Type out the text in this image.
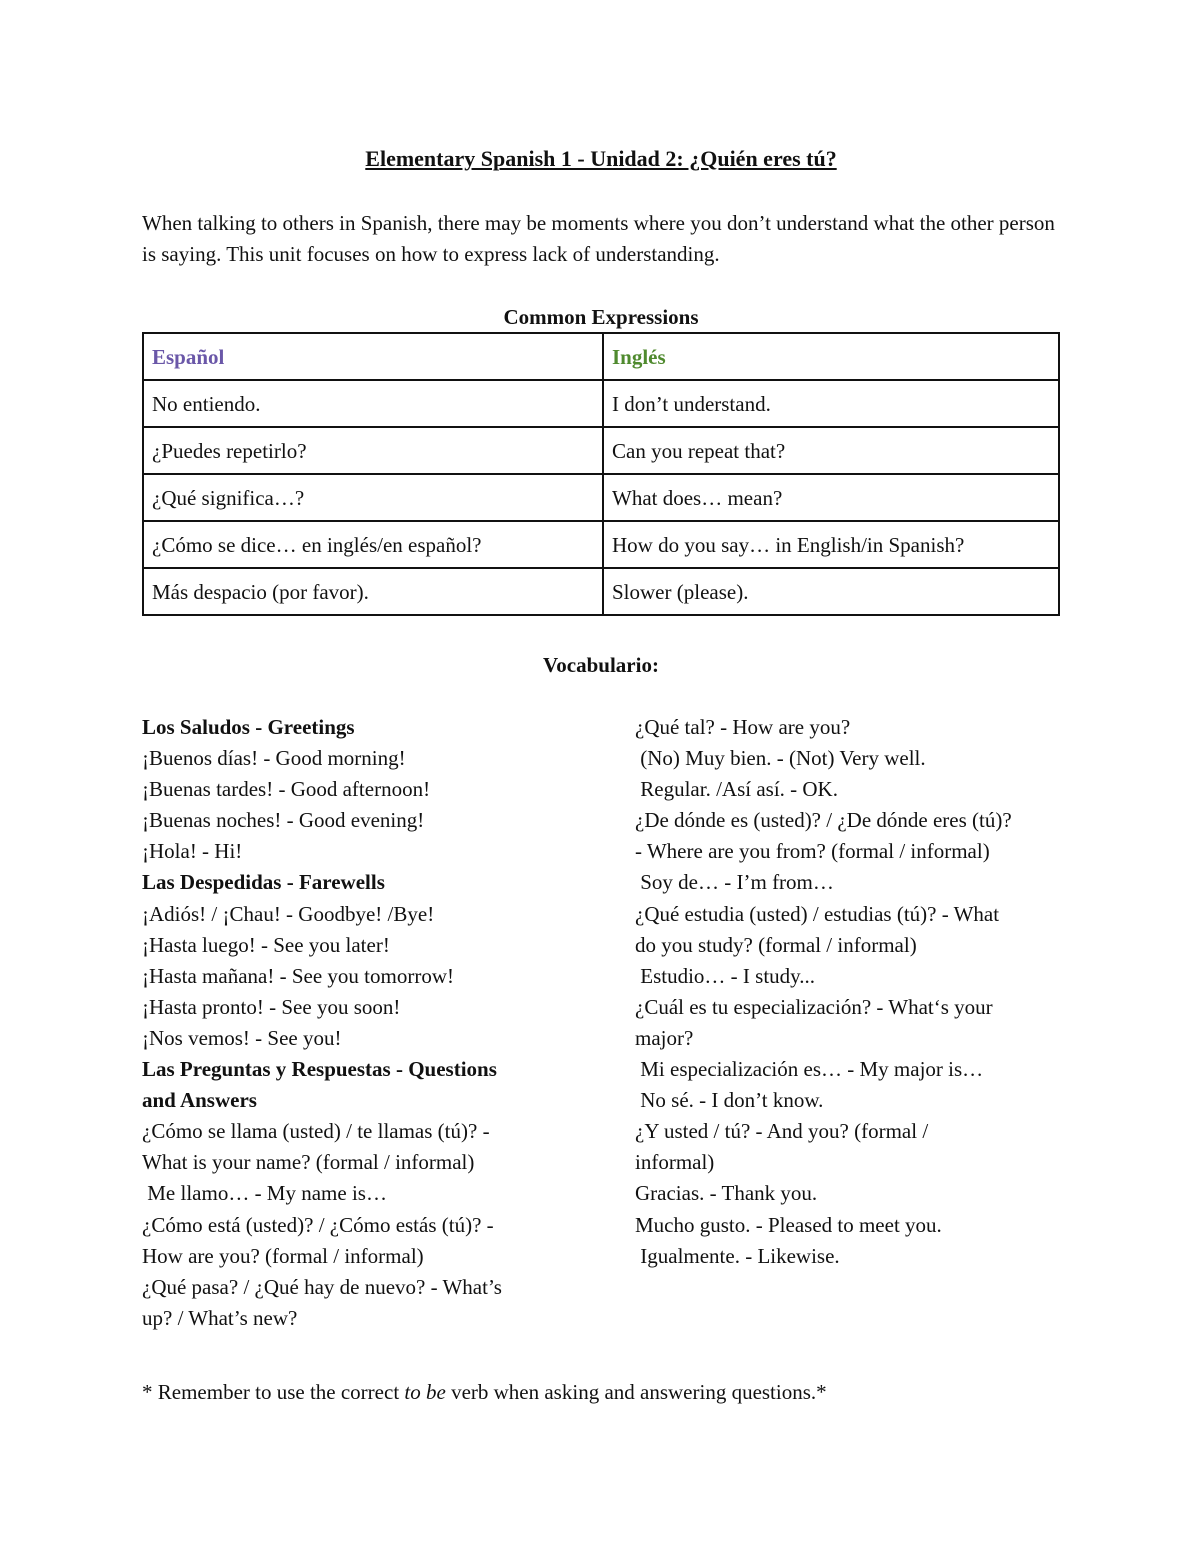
Elementary Spanish 1 - Unidad 2: ¿Quién eres tú?

When talking to others in Spanish, there may be moments where you don’t understand what the other person is saying. This unit focuses on how to express lack of understanding.

Common Expressions
Español	Inglés
No entiendo.	I don’t understand.
¿Puedes repetirlo?	Can you repeat that?
¿Qué significa…?	What does… mean?
¿Cómo se dice… en inglés/en español?	How do you say… in English/in Spanish?
Más despacio (por favor).	Slower (please).
Vocabulario:
Los Saludos - Greetings
¡Buenos días! - Good morning!
¡Buenas tardes! - Good afternoon!
¡Buenas noches! - Good evening!
¡Hola! - Hi!
Las Despedidas - Farewells
¡Adiós! / ¡Chau! - Goodbye! /Bye!
¡Hasta luego! - See you later!
¡Hasta mañana! - See you tomorrow!
¡Hasta pronto! - See you soon!
¡Nos vemos! - See you!
Las Preguntas y Respuestas - Questions
and Answers
¿Cómo se llama (usted) / te llamas (tú)? -
What is your name? (formal / informal)
Me llamo… - My name is…
¿Cómo está (usted)? / ¿Cómo estás (tú)? -
How are you? (formal / informal)
¿Qué pasa? / ¿Qué hay de nuevo? - What’s
up? / What’s new?
¿Qué tal? - How are you?
(No) Muy bien. - (Not) Very well.
Regular. /Así así. - OK.
¿De dónde es (usted)? / ¿De dónde eres (tú)?
- Where are you from? (formal / informal)
Soy de… - I’m from…
¿Qué estudia (usted) / estudias (tú)? - What
do you study? (formal / informal)
Estudio… - I study...
¿Cuál es tu especialización? - What‘s your
major?
Mi especialización es… - My major is…
No sé. - I don’t know.
¿Y usted / tú? - And you? (formal /
informal)
Gracias. - Thank you.
Mucho gusto. - Pleased to meet you.
Igualmente. - Likewise.
* Remember to use the correct to be verb when asking and answering questions.*
